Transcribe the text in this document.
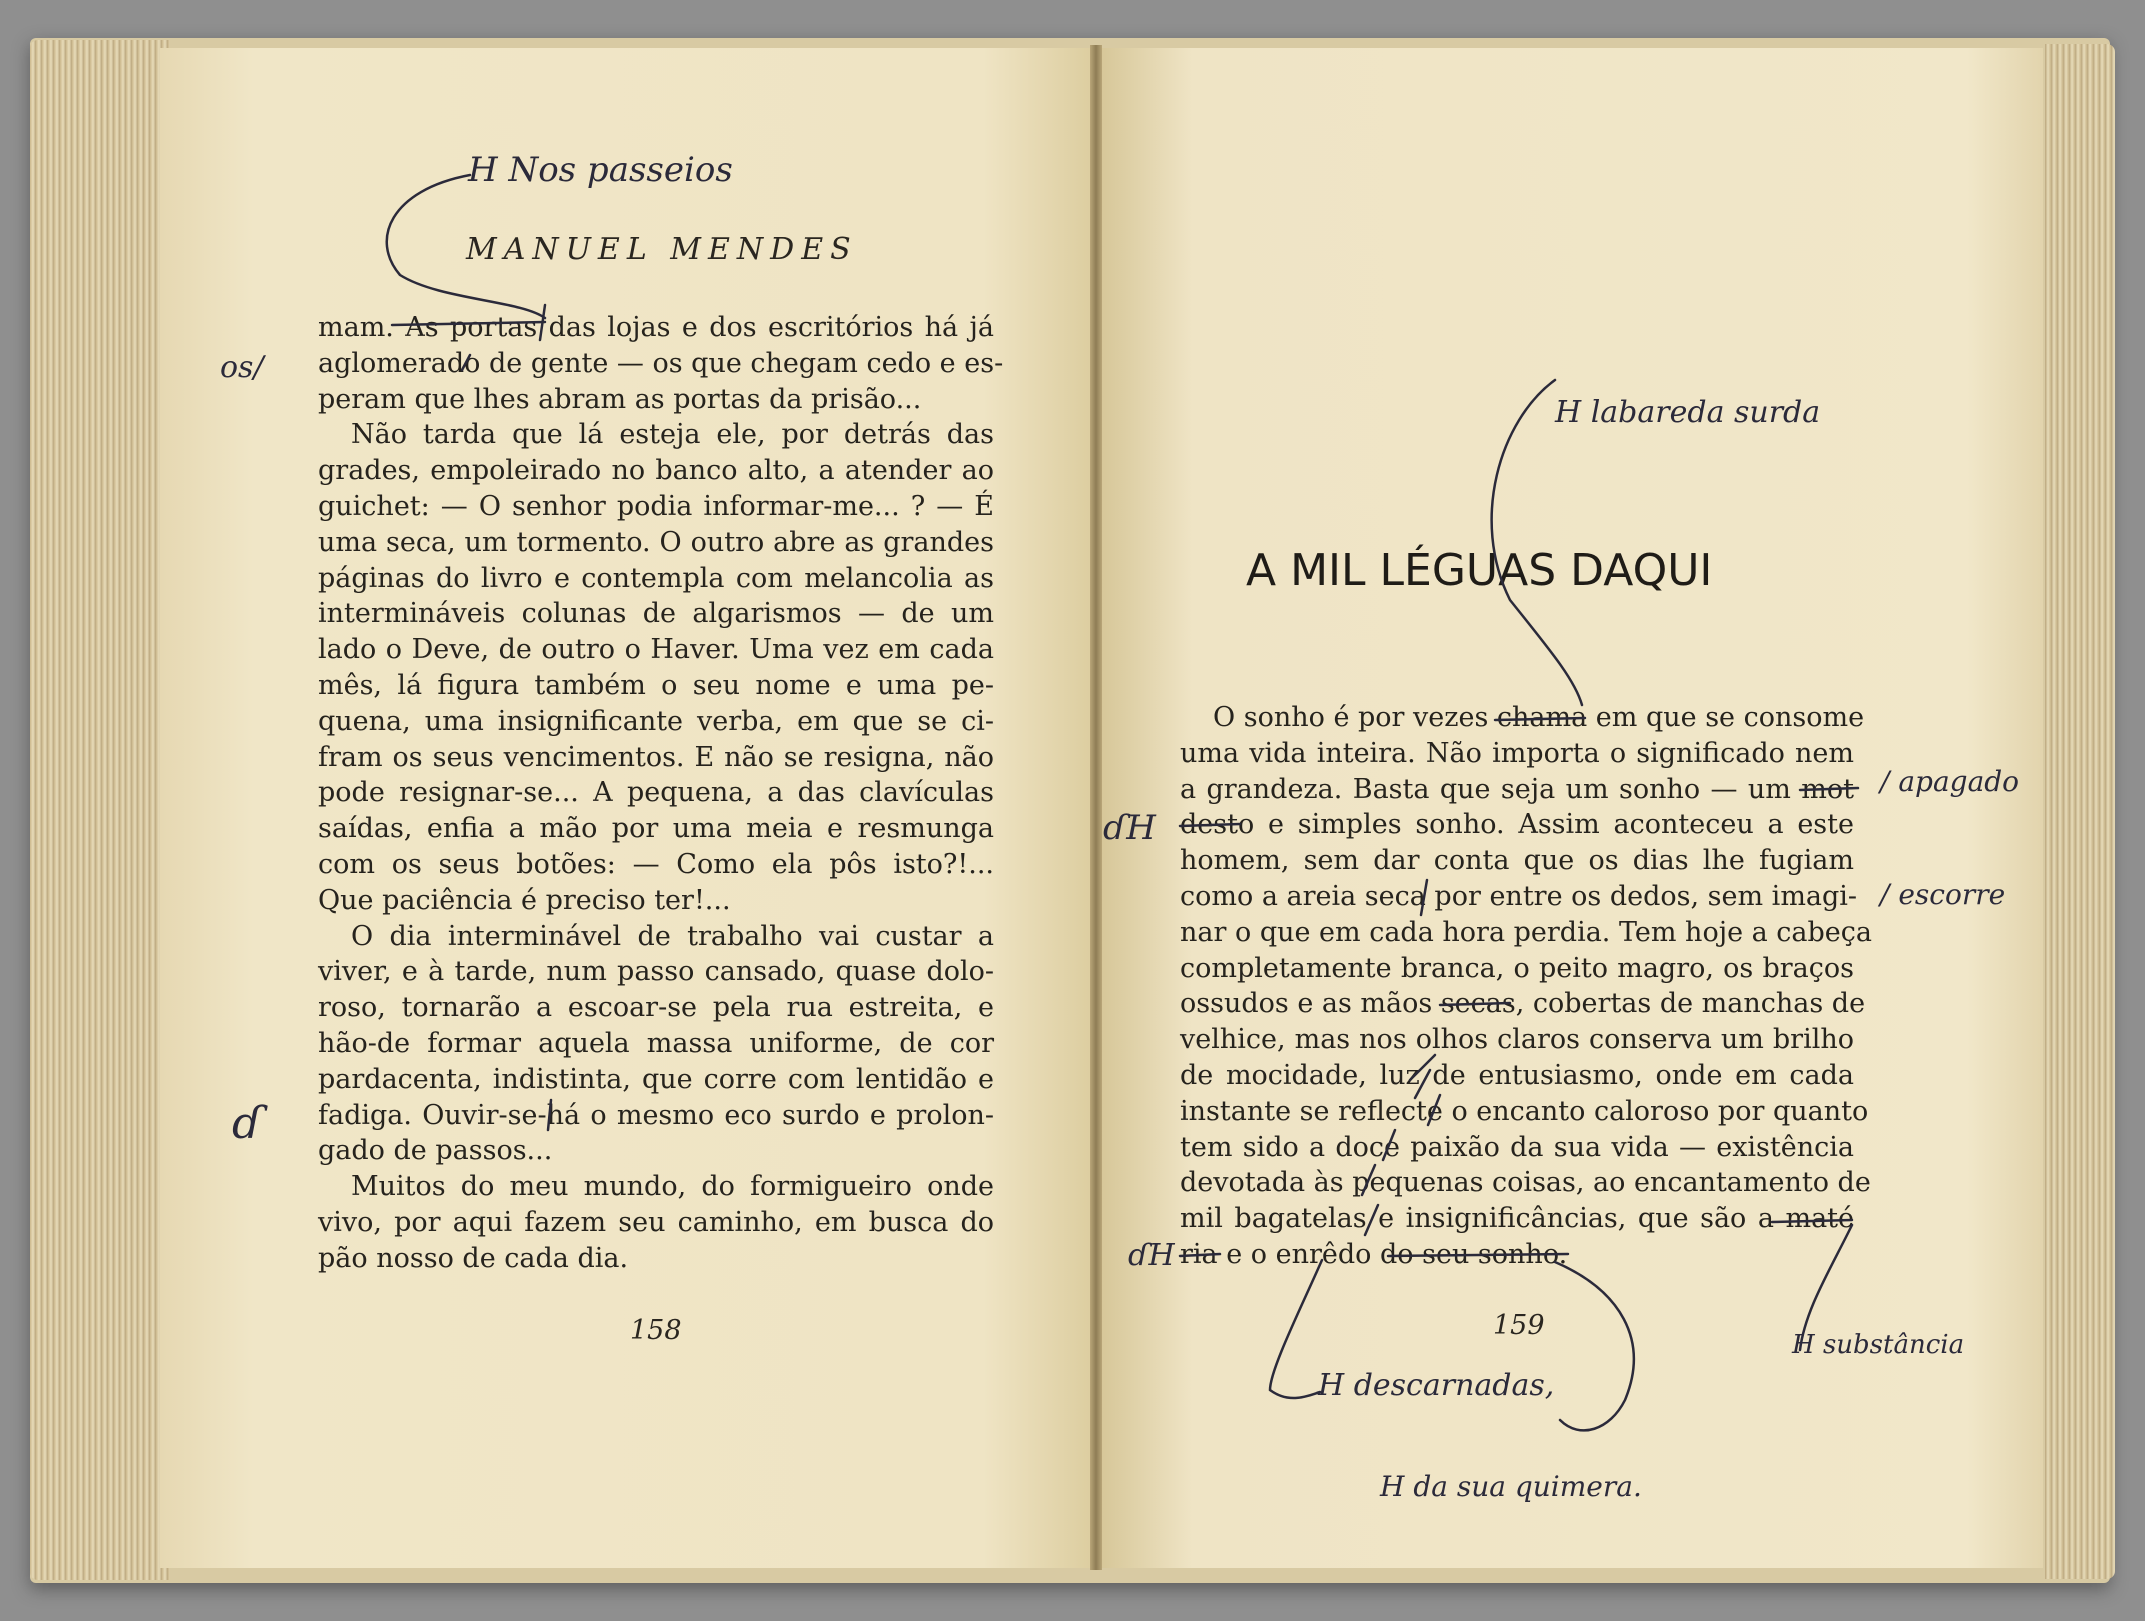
MANUEL MENDES
mam. As portas das lojas e dos escritórios há já
aglomerado de gente — os que chegam cedo e es-
peram que lhes abram as portas da prisão...
Não tarda que lá esteja ele, por detrás das
grades, empoleirado no banco alto, a atender ao
guichet: — O senhor podia informar-me... ? — É
uma seca, um tormento. O outro abre as grandes
páginas do livro e contempla com melancolia as
intermináveis colunas de algarismos — de um
lado o Deve, de outro o Haver. Uma vez em cada
mês, lá figura também o seu nome e uma pe-
quena, uma insignificante verba, em que se ci-
fram os seus vencimentos. E não se resigna, não
pode resignar-se... A pequena, a das clavículas
saídas, enfia a mão por uma meia e resmunga
com os seus botões: — Como ela pôs isto?!...
Que paciência é preciso ter!...
O dia interminável de trabalho vai custar a
viver, e à tarde, num passo cansado, quase dolo-
roso, tornarão a escoar-se pela rua estreita, e
hão-de formar aquela massa uniforme, de cor
pardacenta, indistinta, que corre com lentidão e
fadiga. Ouvir-se-há o mesmo eco surdo e prolon-
gado de passos...
Muitos do meu mundo, do formigueiro onde
vivo, por aqui fazem seu caminho, em busca do
pão nosso de cada dia.
158
A MIL LÉGUAS DAQUI
O sonho é por vezes chama em que se consome
uma vida inteira. Não importa o significado nem
a grandeza. Basta que seja um sonho — um mot
desto e simples sonho. Assim aconteceu a este
homem, sem dar conta que os dias lhe fugiam
como a areia seca por entre os dedos, sem imagi-
nar o que em cada hora perdia. Tem hoje a cabeça
completamente branca, o peito magro, os braços
ossudos e as mãos secas, cobertas de manchas de
velhice, mas nos olhos claros conserva um brilho
de mocidade, luz de entusiasmo, onde em cada
instante se reflecte o encanto caloroso por quanto
tem sido a doce paixão da sua vida — existência
devotada às pequenas coisas, ao encantamento de
mil bagatelas e insignificâncias, que são a maté
ria e o enrêdo do seu sonho.
159
H Nos passeios
os/
ɗ
H labareda surda
/ apagado
/ escorre
ɗH
ɗH
H descarnadas,
H da sua quimera.
H substância
